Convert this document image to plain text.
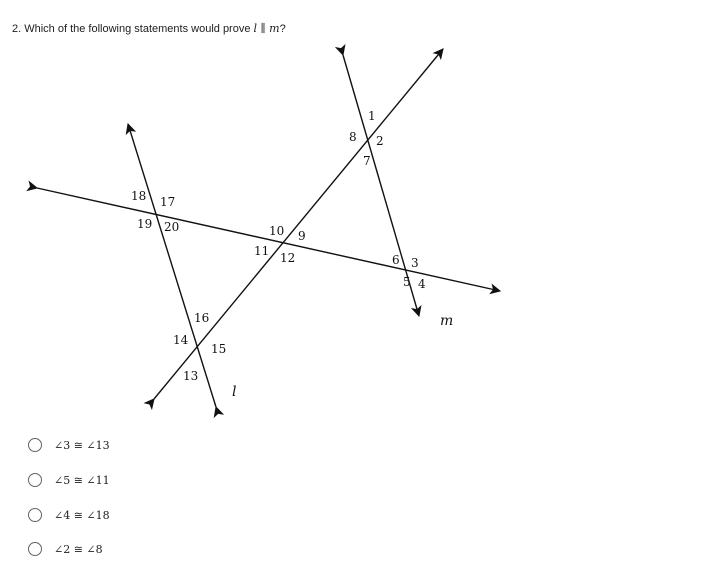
2. Which of the following statements would prove l ∥ m?
l
m
1
2
7
8
6 3
5 4
10 9
11 12
18 17
19 20
16
14
15
13
∠3 ≅ ∠13
∠5 ≅ ∠11
∠4 ≅ ∠18
∠2 ≅ ∠8
